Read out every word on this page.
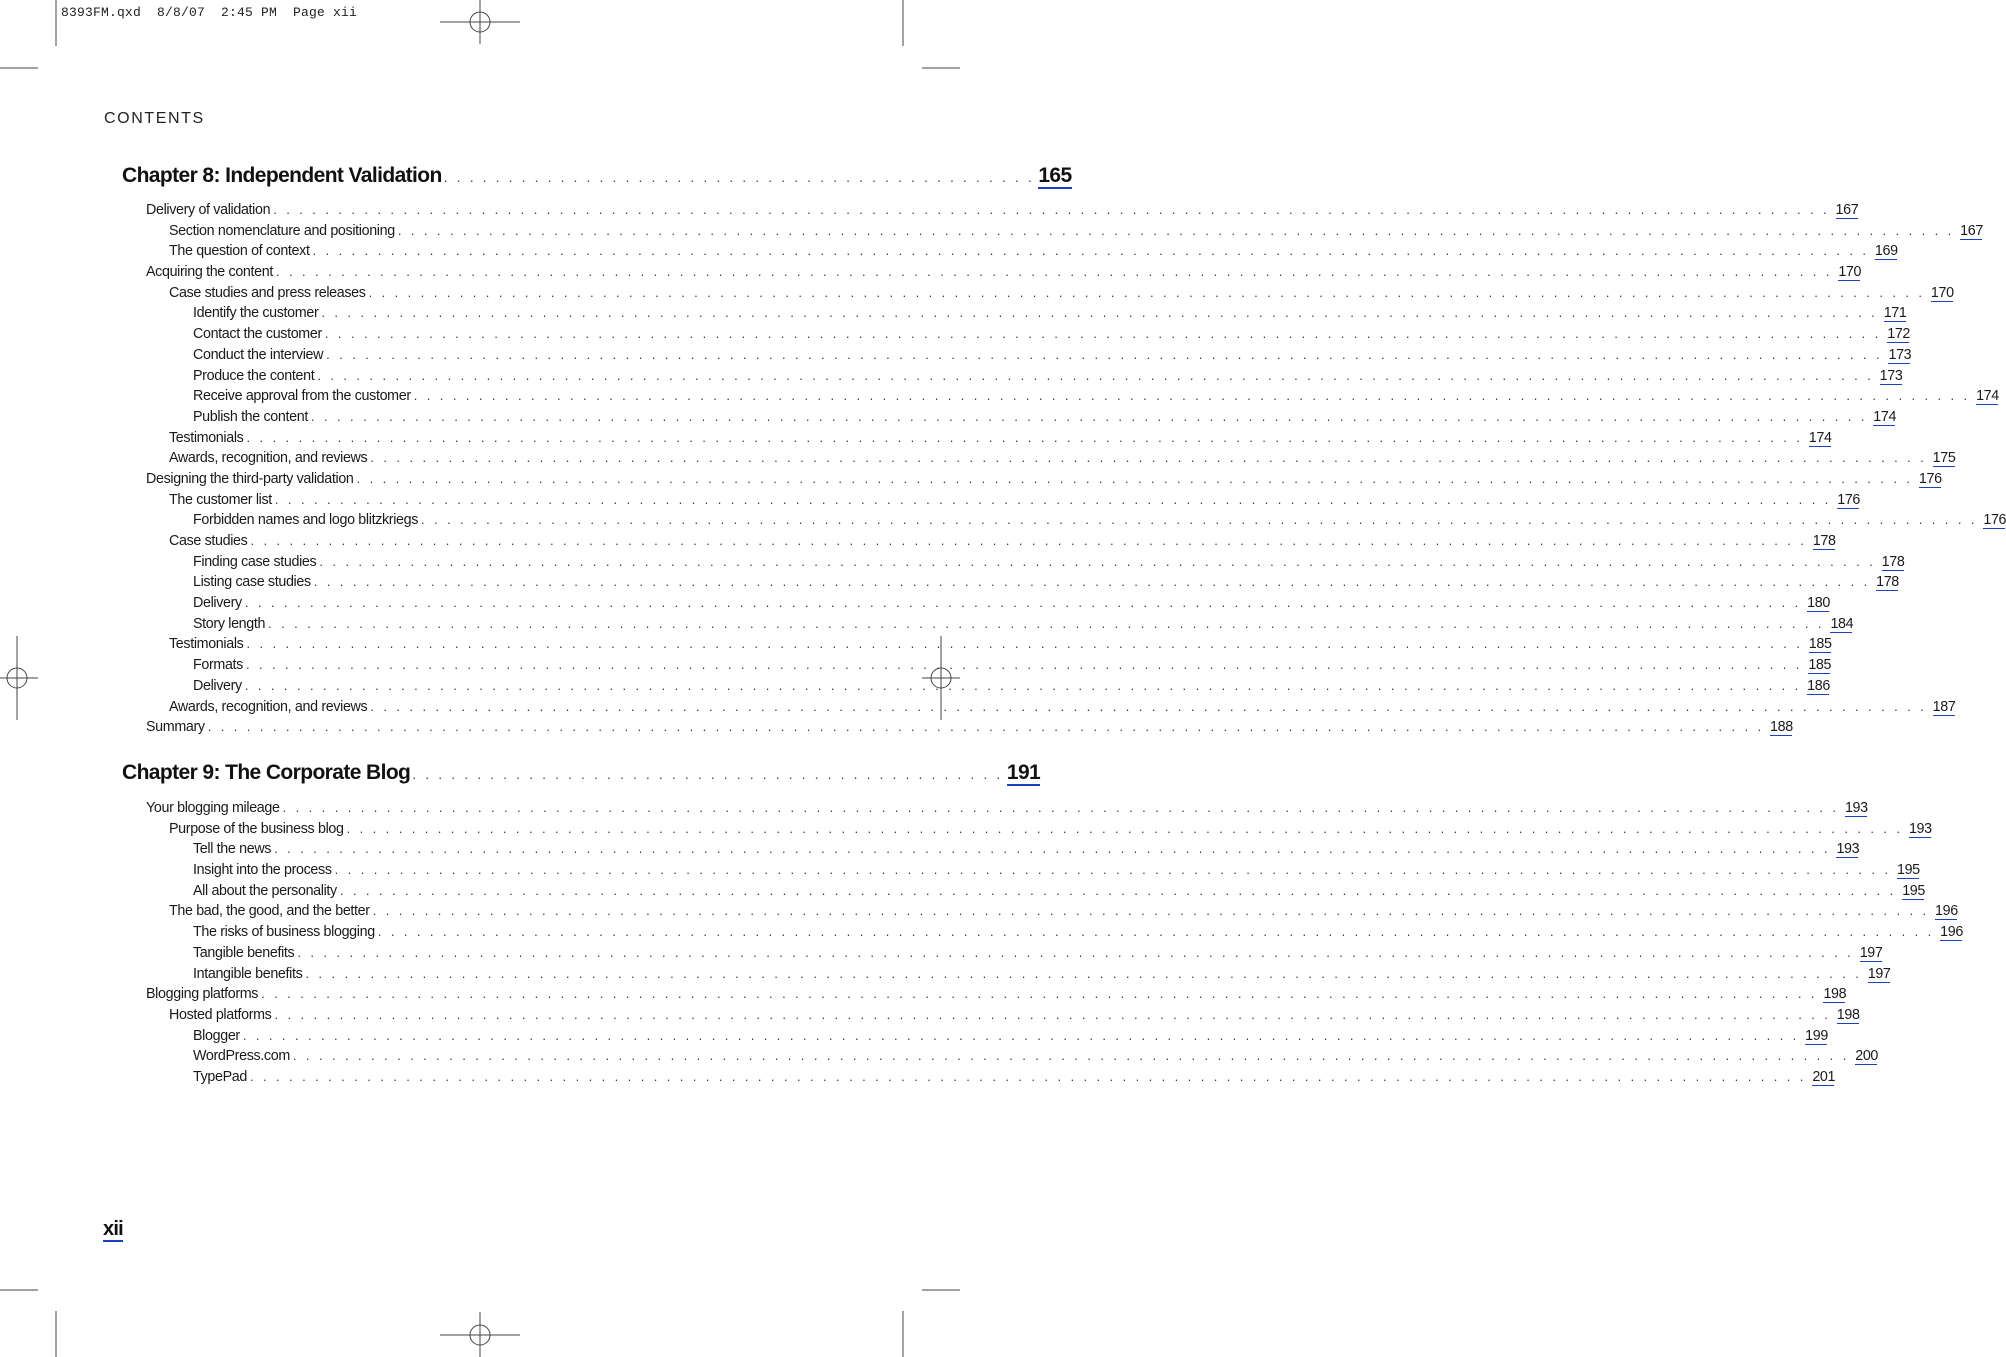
8393FM.qxd  8/8/07  2:45 PM  Page xii
CONTENTS
Chapter 8: Independent Validation . . . . . . . . . . . . . . . . . . . . . . . . . . . . . . . . . . . . . . . . . . . . . . 165
Delivery of validation . . . . . . . . . . . . . . . . . . . . . . . . . . . . . . . . . . . . . . . . . . . . . . . . . . . . . . . . . . . . . . . . . . . . . . . . . . . . . . . . . . . . . . . . . . . . . . . . . . . . . . . . . . . . . . . . . . . . . . . . 167
Section nomenclature and positioning . . . . . . . . . . . . . . . . . . . . . . . . . . . . . . . . . . . . . . . . . . . . . . . . . . . . . . . . . . . . . . . . . . . . . . . . . . . . . . . . . . . . . . . . . . . . . . . . . . . . . . . . . . . . . . . . . . . . . . . . 167
The question of context . . . . . . . . . . . . . . . . . . . . . . . . . . . . . . . . . . . . . . . . . . . . . . . . . . . . . . . . . . . . . . . . . . . . . . . . . . . . . . . . . . . . . . . . . . . . . . . . . . . . . . . . . . . . . . . . . . . . . . . . 169
Acquiring the content . . . . . . . . . . . . . . . . . . . . . . . . . . . . . . . . . . . . . . . . . . . . . . . . . . . . . . . . . . . . . . . . . . . . . . . . . . . . . . . . . . . . . . . . . . . . . . . . . . . . . . . . . . . . . . . . . . . . . . . . 170
Case studies and press releases . . . . . . . . . . . . . . . . . . . . . . . . . . . . . . . . . . . . . . . . . . . . . . . . . . . . . . . . . . . . . . . . . . . . . . . . . . . . . . . . . . . . . . . . . . . . . . . . . . . . . . . . . . . . . . . . . . . . . . . . 170
Identify the customer . . . . . . . . . . . . . . . . . . . . . . . . . . . . . . . . . . . . . . . . . . . . . . . . . . . . . . . . . . . . . . . . . . . . . . . . . . . . . . . . . . . . . . . . . . . . . . . . . . . . . . . . . . . . . . . . . . . . . . . . 171
Contact the customer . . . . . . . . . . . . . . . . . . . . . . . . . . . . . . . . . . . . . . . . . . . . . . . . . . . . . . . . . . . . . . . . . . . . . . . . . . . . . . . . . . . . . . . . . . . . . . . . . . . . . . . . . . . . . . . . . . . . . . . . 172
Conduct the interview . . . . . . . . . . . . . . . . . . . . . . . . . . . . . . . . . . . . . . . . . . . . . . . . . . . . . . . . . . . . . . . . . . . . . . . . . . . . . . . . . . . . . . . . . . . . . . . . . . . . . . . . . . . . . . . . . . . . . . . . 173
Produce the content . . . . . . . . . . . . . . . . . . . . . . . . . . . . . . . . . . . . . . . . . . . . . . . . . . . . . . . . . . . . . . . . . . . . . . . . . . . . . . . . . . . . . . . . . . . . . . . . . . . . . . . . . . . . . . . . . . . . . . . . 173
Receive approval from the customer . . . . . . . . . . . . . . . . . . . . . . . . . . . . . . . . . . . . . . . . . . . . . . . . . . . . . . . . . . . . . . . . . . . . . . . . . . . . . . . . . . . . . . . . . . . . . . . . . . . . . . . . . . . . . . . . . . . . . . . . 174
Publish the content . . . . . . . . . . . . . . . . . . . . . . . . . . . . . . . . . . . . . . . . . . . . . . . . . . . . . . . . . . . . . . . . . . . . . . . . . . . . . . . . . . . . . . . . . . . . . . . . . . . . . . . . . . . . . . . . . . . . . . . . 174
Testimonials . . . . . . . . . . . . . . . . . . . . . . . . . . . . . . . . . . . . . . . . . . . . . . . . . . . . . . . . . . . . . . . . . . . . . . . . . . . . . . . . . . . . . . . . . . . . . . . . . . . . . . . . . . . . . . . . . . . . . . . . 174
Awards, recognition, and reviews . . . . . . . . . . . . . . . . . . . . . . . . . . . . . . . . . . . . . . . . . . . . . . . . . . . . . . . . . . . . . . . . . . . . . . . . . . . . . . . . . . . . . . . . . . . . . . . . . . . . . . . . . . . . . . . . . . . . . . . . 175
Designing the third-party validation . . . . . . . . . . . . . . . . . . . . . . . . . . . . . . . . . . . . . . . . . . . . . . . . . . . . . . . . . . . . . . . . . . . . . . . . . . . . . . . . . . . . . . . . . . . . . . . . . . . . . . . . . . . . . . . . . . . . . . . . 176
The customer list . . . . . . . . . . . . . . . . . . . . . . . . . . . . . . . . . . . . . . . . . . . . . . . . . . . . . . . . . . . . . . . . . . . . . . . . . . . . . . . . . . . . . . . . . . . . . . . . . . . . . . . . . . . . . . . . . . . . . . . . 176
Forbidden names and logo blitzkriegs . . . . . . . . . . . . . . . . . . . . . . . . . . . . . . . . . . . . . . . . . . . . . . . . . . . . . . . . . . . . . . . . . . . . . . . . . . . . . . . . . . . . . . . . . . . . . . . . . . . . . . . . . . . . . . . . . . . . . . . . 176
Case studies . . . . . . . . . . . . . . . . . . . . . . . . . . . . . . . . . . . . . . . . . . . . . . . . . . . . . . . . . . . . . . . . . . . . . . . . . . . . . . . . . . . . . . . . . . . . . . . . . . . . . . . . . . . . . . . . . . . . . . . . 178
Finding case studies . . . . . . . . . . . . . . . . . . . . . . . . . . . . . . . . . . . . . . . . . . . . . . . . . . . . . . . . . . . . . . . . . . . . . . . . . . . . . . . . . . . . . . . . . . . . . . . . . . . . . . . . . . . . . . . . . . . . . . . . 178
Listing case studies . . . . . . . . . . . . . . . . . . . . . . . . . . . . . . . . . . . . . . . . . . . . . . . . . . . . . . . . . . . . . . . . . . . . . . . . . . . . . . . . . . . . . . . . . . . . . . . . . . . . . . . . . . . . . . . . . . . . . . . . 178
Delivery . . . . . . . . . . . . . . . . . . . . . . . . . . . . . . . . . . . . . . . . . . . . . . . . . . . . . . . . . . . . . . . . . . . . . . . . . . . . . . . . . . . . . . . . . . . . . . . . . . . . . . . . . . . . . . . . . . . . . . . . 180
Story length . . . . . . . . . . . . . . . . . . . . . . . . . . . . . . . . . . . . . . . . . . . . . . . . . . . . . . . . . . . . . . . . . . . . . . . . . . . . . . . . . . . . . . . . . . . . . . . . . . . . . . . . . . . . . . . . . . . . . . . . 184
Testimonials . . . . . . . . . . . . . . . . . . . . . . . . . . . . . . . . . . . . . . . . . . . . . . . . . . . . . . . . . . . . . . . . . . . . . . . . . . . . . . . . . . . . . . . . . . . . . . . . . . . . . . . . . . . . . . . . . . . . . . . . 185
Formats . . . . . . . . . . . . . . . . . . . . . . . . . . . . . . . . . . . . . . . . . . . . . . . . . . . . . . . . . . . . . . . . . . . . . . . . . . . . . . . . . . . . . . . . . . . . . . . . . . . . . . . . . . . . . . . . . . . . . . . . 185
Delivery . . . . . . . . . . . . . . . . . . . . . . . . . . . . . . . . . . . . . . . . . . . . . . . . . . . . . . . . . . . . . . . . . . . . . . . . . . . . . . . . . . . . . . . . . . . . . . . . . . . . . . . . . . . . . . . . . . . . . . . . 186
Awards, recognition, and reviews . . . . . . . . . . . . . . . . . . . . . . . . . . . . . . . . . . . . . . . . . . . . . . . . . . . . . . . . . . . . . . . . . . . . . . . . . . . . . . . . . . . . . . . . . . . . . . . . . . . . . . . . . . . . . . . . . . . . . . . . 187
Summary . . . . . . . . . . . . . . . . . . . . . . . . . . . . . . . . . . . . . . . . . . . . . . . . . . . . . . . . . . . . . . . . . . . . . . . . . . . . . . . . . . . . . . . . . . . . . . . . . . . . . . . . . . . . . . . . . . . . . . . . 188
Chapter 9: The Corporate Blog . . . . . . . . . . . . . . . . . . . . . . . . . . . . . . . . . . . . . . . . . . . . . . 191
Your blogging mileage . . . . . . . . . . . . . . . . . . . . . . . . . . . . . . . . . . . . . . . . . . . . . . . . . . . . . . . . . . . . . . . . . . . . . . . . . . . . . . . . . . . . . . . . . . . . . . . . . . . . . . . . . . . . . . . . . . . . . . . . 193
Purpose of the business blog . . . . . . . . . . . . . . . . . . . . . . . . . . . . . . . . . . . . . . . . . . . . . . . . . . . . . . . . . . . . . . . . . . . . . . . . . . . . . . . . . . . . . . . . . . . . . . . . . . . . . . . . . . . . . . . . . . . . . . . . 193
Tell the news . . . . . . . . . . . . . . . . . . . . . . . . . . . . . . . . . . . . . . . . . . . . . . . . . . . . . . . . . . . . . . . . . . . . . . . . . . . . . . . . . . . . . . . . . . . . . . . . . . . . . . . . . . . . . . . . . . . . . . . . 193
Insight into the process . . . . . . . . . . . . . . . . . . . . . . . . . . . . . . . . . . . . . . . . . . . . . . . . . . . . . . . . . . . . . . . . . . . . . . . . . . . . . . . . . . . . . . . . . . . . . . . . . . . . . . . . . . . . . . . . . . . . . . . . 195
All about the personality . . . . . . . . . . . . . . . . . . . . . . . . . . . . . . . . . . . . . . . . . . . . . . . . . . . . . . . . . . . . . . . . . . . . . . . . . . . . . . . . . . . . . . . . . . . . . . . . . . . . . . . . . . . . . . . . . . . . . . . . 195
The bad, the good, and the better . . . . . . . . . . . . . . . . . . . . . . . . . . . . . . . . . . . . . . . . . . . . . . . . . . . . . . . . . . . . . . . . . . . . . . . . . . . . . . . . . . . . . . . . . . . . . . . . . . . . . . . . . . . . . . . . . . . . . . . . 196
The risks of business blogging . . . . . . . . . . . . . . . . . . . . . . . . . . . . . . . . . . . . . . . . . . . . . . . . . . . . . . . . . . . . . . . . . . . . . . . . . . . . . . . . . . . . . . . . . . . . . . . . . . . . . . . . . . . . . . . . . . . . . . . . 196
Tangible benefits . . . . . . . . . . . . . . . . . . . . . . . . . . . . . . . . . . . . . . . . . . . . . . . . . . . . . . . . . . . . . . . . . . . . . . . . . . . . . . . . . . . . . . . . . . . . . . . . . . . . . . . . . . . . . . . . . . . . . . . . 197
Intangible benefits . . . . . . . . . . . . . . . . . . . . . . . . . . . . . . . . . . . . . . . . . . . . . . . . . . . . . . . . . . . . . . . . . . . . . . . . . . . . . . . . . . . . . . . . . . . . . . . . . . . . . . . . . . . . . . . . . . . . . . . . 197
Blogging platforms . . . . . . . . . . . . . . . . . . . . . . . . . . . . . . . . . . . . . . . . . . . . . . . . . . . . . . . . . . . . . . . . . . . . . . . . . . . . . . . . . . . . . . . . . . . . . . . . . . . . . . . . . . . . . . . . . . . . . . . . 198
Hosted platforms . . . . . . . . . . . . . . . . . . . . . . . . . . . . . . . . . . . . . . . . . . . . . . . . . . . . . . . . . . . . . . . . . . . . . . . . . . . . . . . . . . . . . . . . . . . . . . . . . . . . . . . . . . . . . . . . . . . . . . . . 198
Blogger . . . . . . . . . . . . . . . . . . . . . . . . . . . . . . . . . . . . . . . . . . . . . . . . . . . . . . . . . . . . . . . . . . . . . . . . . . . . . . . . . . . . . . . . . . . . . . . . . . . . . . . . . . . . . . . . . . . . . . . . 199
WordPress.com . . . . . . . . . . . . . . . . . . . . . . . . . . . . . . . . . . . . . . . . . . . . . . . . . . . . . . . . . . . . . . . . . . . . . . . . . . . . . . . . . . . . . . . . . . . . . . . . . . . . . . . . . . . . . . . . . . . . . . . . 200
TypePad . . . . . . . . . . . . . . . . . . . . . . . . . . . . . . . . . . . . . . . . . . . . . . . . . . . . . . . . . . . . . . . . . . . . . . . . . . . . . . . . . . . . . . . . . . . . . . . . . . . . . . . . . . . . . . . . . . . . . . . . 201
xii
